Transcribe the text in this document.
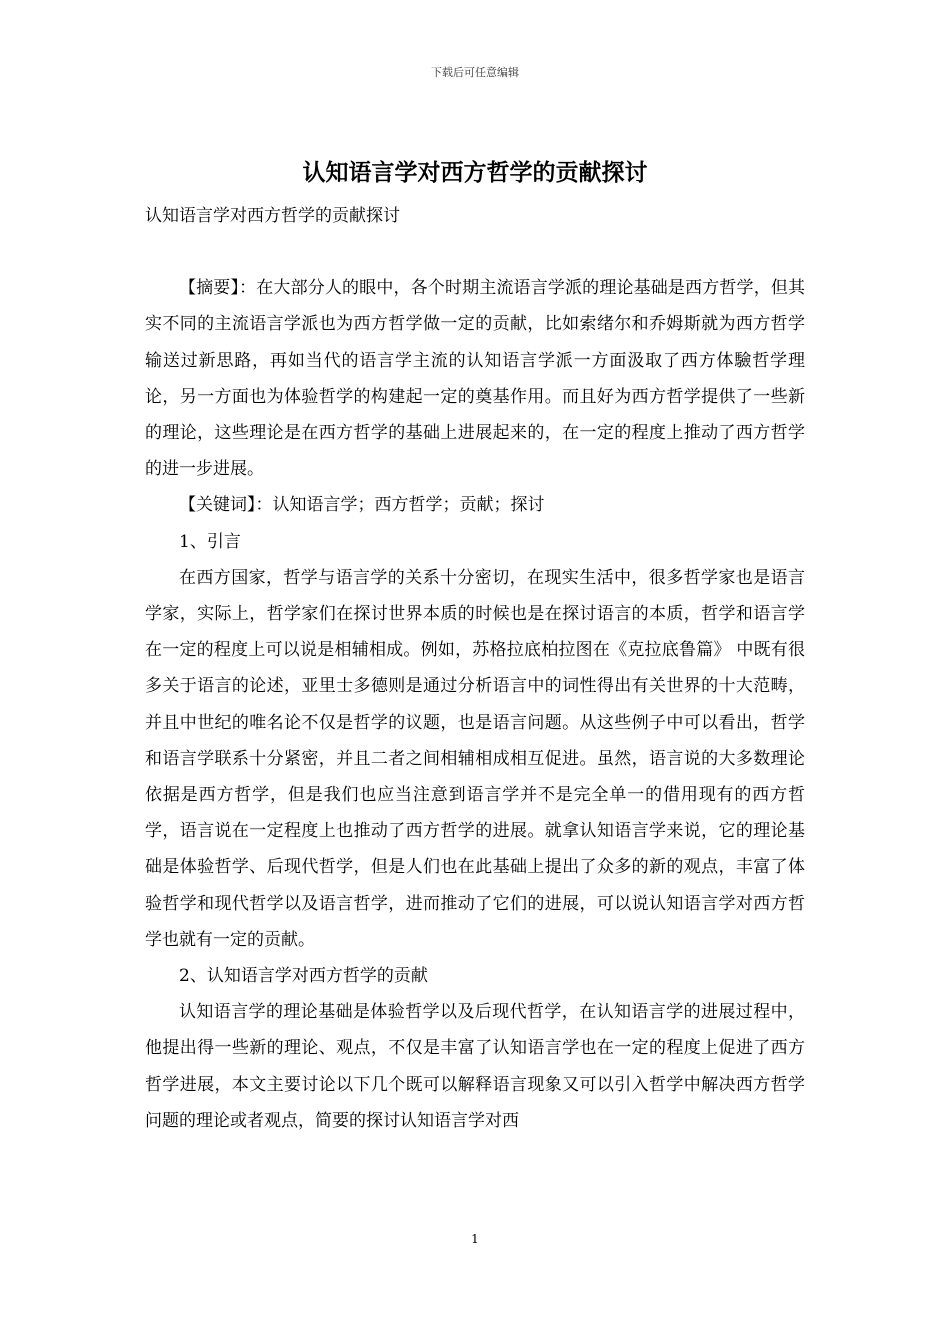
下载后可任意编辑
认知语言学对西方哲学的贡献探讨

认知语言学对西方哲学的贡献探讨

【摘要】：在大部分人的眼中，各个时期主流语言学派的理论基础是西方哲学，但其实不同的主流语言学派也为西方哲学做一定的贡献，比如索绪尔和乔姆斯就为西方哲学输送过新思路，再如当代的语言学主流的认知语言学派一方面汲取了西方体驗哲学理论，另一方面也为体验哲学的构建起一定的奠基作用。而且好为西方哲学提供了一些新的理论，这些理论是在西方哲学的基础上进展起来的，在一定的程度上推动了西方哲学的进一步进展。

【关键词】：认知语言学；西方哲学；贡献；探讨

1、引言

在西方国家，哲学与语言学的关系十分密切，在现实生活中，很多哲学家也是语言学家，实际上，哲学家们在探讨世界本质的时候也是在探讨语言的本质，哲学和语言学在一定的程度上可以说是相辅相成。例如，苏格拉底柏拉图在《克拉底鲁篇》 中既有很多关于语言的论述，亚里士多德则是通过分析语言中的词性得出有关世界的十大范畴，并且中世纪的唯名论不仅是哲学的议题，也是语言问题。从这些例子中可以看出，哲学和语言学联系十分紧密，并且二者之间相辅相成相互促进。虽然，语言说的大多数理论依据是西方哲学，但是我们也应当注意到语言学并不是完全单一的借用现有的西方哲学，语言说在一定程度上也推动了西方哲学的进展。就拿认知语言学来说，它的理论基础是体验哲学、后现代哲学，但是人们也在此基础上提出了众多的新的观点，丰富了体验哲学和现代哲学以及语言哲学，进而推动了它们的进展，可以说认知语言学对西方哲学也就有一定的贡献。

2、认知语言学对西方哲学的贡献

认知语言学的理论基础是体验哲学以及后现代哲学，在认知语言学的进展过程中，他提出得一些新的理论、观点，不仅是丰富了认知语言学也在一定的程度上促进了西方哲学进展，本文主要讨论以下几个既可以解释语言现象又可以引入哲学中解决西方哲学问题的理论或者观点，简要的探讨认知语言学对西

1
